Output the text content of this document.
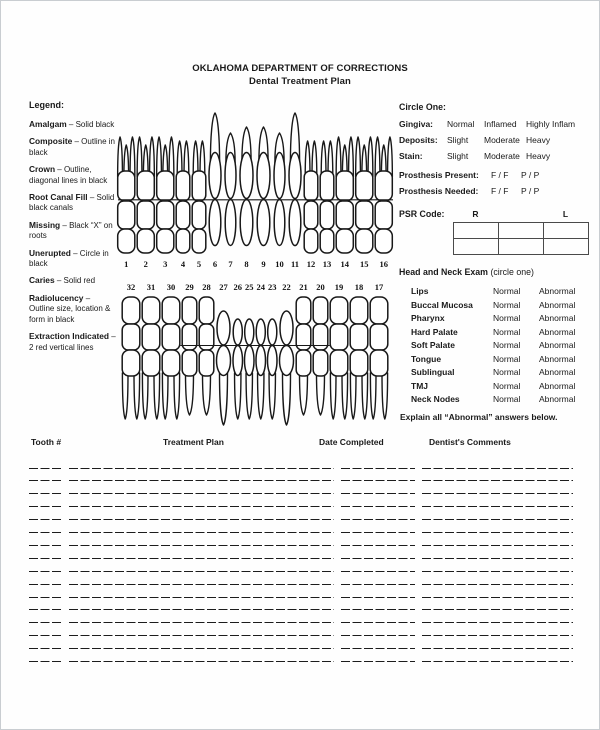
OKLAHOMA DEPARTMENT OF CORRECTIONS
Dental Treatment Plan
Legend:
Amalgam – Solid black
Composite – Outline in black
Crown – Outline, diagonal lines in black
Root Canal Fill – Solid black canals
Missing – Black “X” on roots
Unerupted – Circle in black
Caries – Solid red
Radiolucency – Outline size, location & form in black
Extraction Indicated – 2 red vertical lines
1 2 3 4 5 6 7 8 9 10 11 12 13 14 15 16
32 31 30 29 28 27 26 25 24 23 22 21 20 19 18 17
Circle One:
Gingiva: Normal Inflamed Highly Inflam
Deposits: Slight Moderate Heavy
Stain:	Slight Moderate Heavy
Prosthesis Present: F / F P / P
Prosthesis Needed: F / F P / P
PSR Code:	R	L

Head and Neck Exam (circle one)
Lips	Normal Abnormal
Buccal Mucosa Normal Abnormal
Pharynx	Normal Abnormal
Hard Palate	Normal Abnormal
Soft Palate	Normal Abnormal
Tongue	Normal Abnormal
Sublingual	Normal Abnormal
TMJ	Normal Abnormal
Neck Nodes	Normal Abnormal
Explain all “Abnormal” answers below.
Tooth #	Treatment Plan	Date Completed	Dentist's Comments
